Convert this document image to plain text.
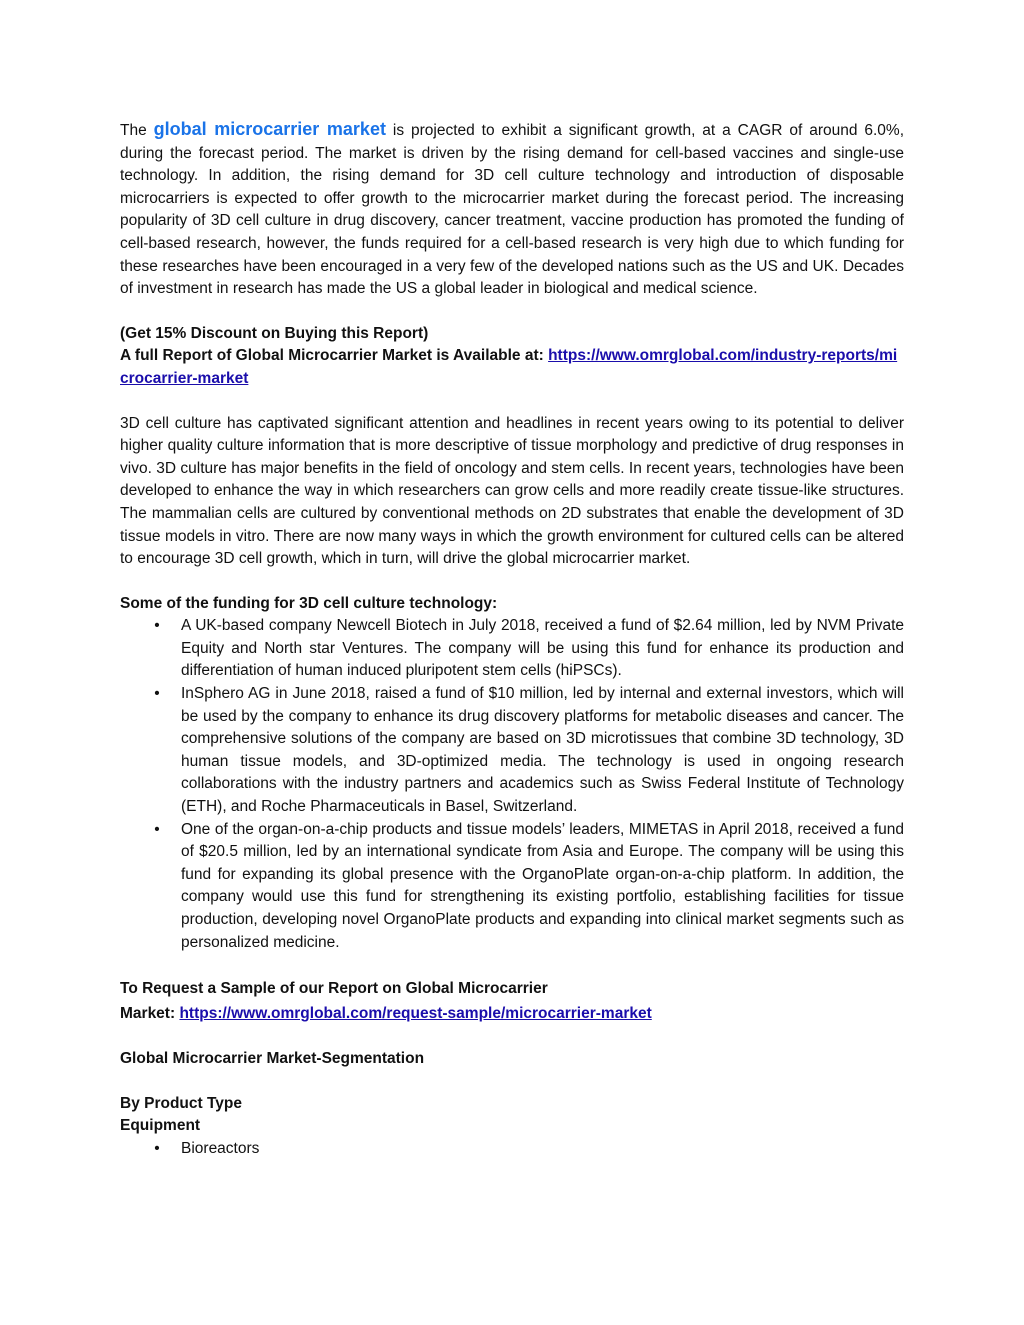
The global microcarrier market is projected to exhibit a significant growth, at a CAGR of around 6.0%, during the forecast period. The market is driven by the rising demand for cell-based vaccines and single-use technology. In addition, the rising demand for 3D cell culture technology and introduction of disposable microcarriers is expected to offer growth to the microcarrier market during the forecast period. The increasing popularity of 3D cell culture in drug discovery, cancer treatment, vaccine production has promoted the funding of cell-based research, however, the funds required for a cell-based research is very high due to which funding for these researches have been encouraged in a very few of the developed nations such as the US and UK. Decades of investment in research has made the US a global leader in biological and medical science.

(Get 15% Discount on Buying this Report)
A full Report of Global Microcarrier Market is Available at: https://www.omrglobal.com/industry-reports/microcarrier-market

3D cell culture has captivated significant attention and headlines in recent years owing to its potential to deliver higher quality culture information that is more descriptive of tissue morphology and predictive of drug responses in vivo. 3D culture has major benefits in the field of oncology and stem cells. In recent years, technologies have been developed to enhance the way in which researchers can grow cells and more readily create tissue-like structures. The mammalian cells are cultured by conventional methods on 2D substrates that enable the development of 3D tissue models in vitro. There are now many ways in which the growth environment for cultured cells can be altered to encourage 3D cell growth, which in turn, will drive the global microcarrier market.

Some of the funding for 3D cell culture technology:
• A UK-based company Newcell Biotech in July 2018, received a fund of $2.64 million, led by NVM Private Equity and North star Ventures. The company will be using this fund for enhance its production and differentiation of human induced pluripotent stem cells (hiPSCs).
• InSphero AG in June 2018, raised a fund of $10 million, led by internal and external investors, which will be used by the company to enhance its drug discovery platforms for metabolic diseases and cancer. The comprehensive solutions of the company are based on 3D microtissues that combine 3D technology, 3D human tissue models, and 3D-optimized media. The technology is used in ongoing research collaborations with the industry partners and academics such as Swiss Federal Institute of Technology (ETH), and Roche Pharmaceuticals in Basel, Switzerland.
• One of the organ-on-a-chip products and tissue models’ leaders, MIMETAS in April 2018, received a fund of $20.5 million, led by an international syndicate from Asia and Europe. The company will be using this fund for expanding its global presence with the OrganoPlate organ-on-a-chip platform. In addition, the company would use this fund for strengthening its existing portfolio, establishing facilities for tissue production, developing novel OrganoPlate products and expanding into clinical market segments such as personalized medicine.
To Request a Sample of our Report on Global Microcarrier
Market: https://www.omrglobal.com/request-sample/microcarrier-market
Global Microcarrier Market-Segmentation
By Product Type
Equipment
• Bioreactors
